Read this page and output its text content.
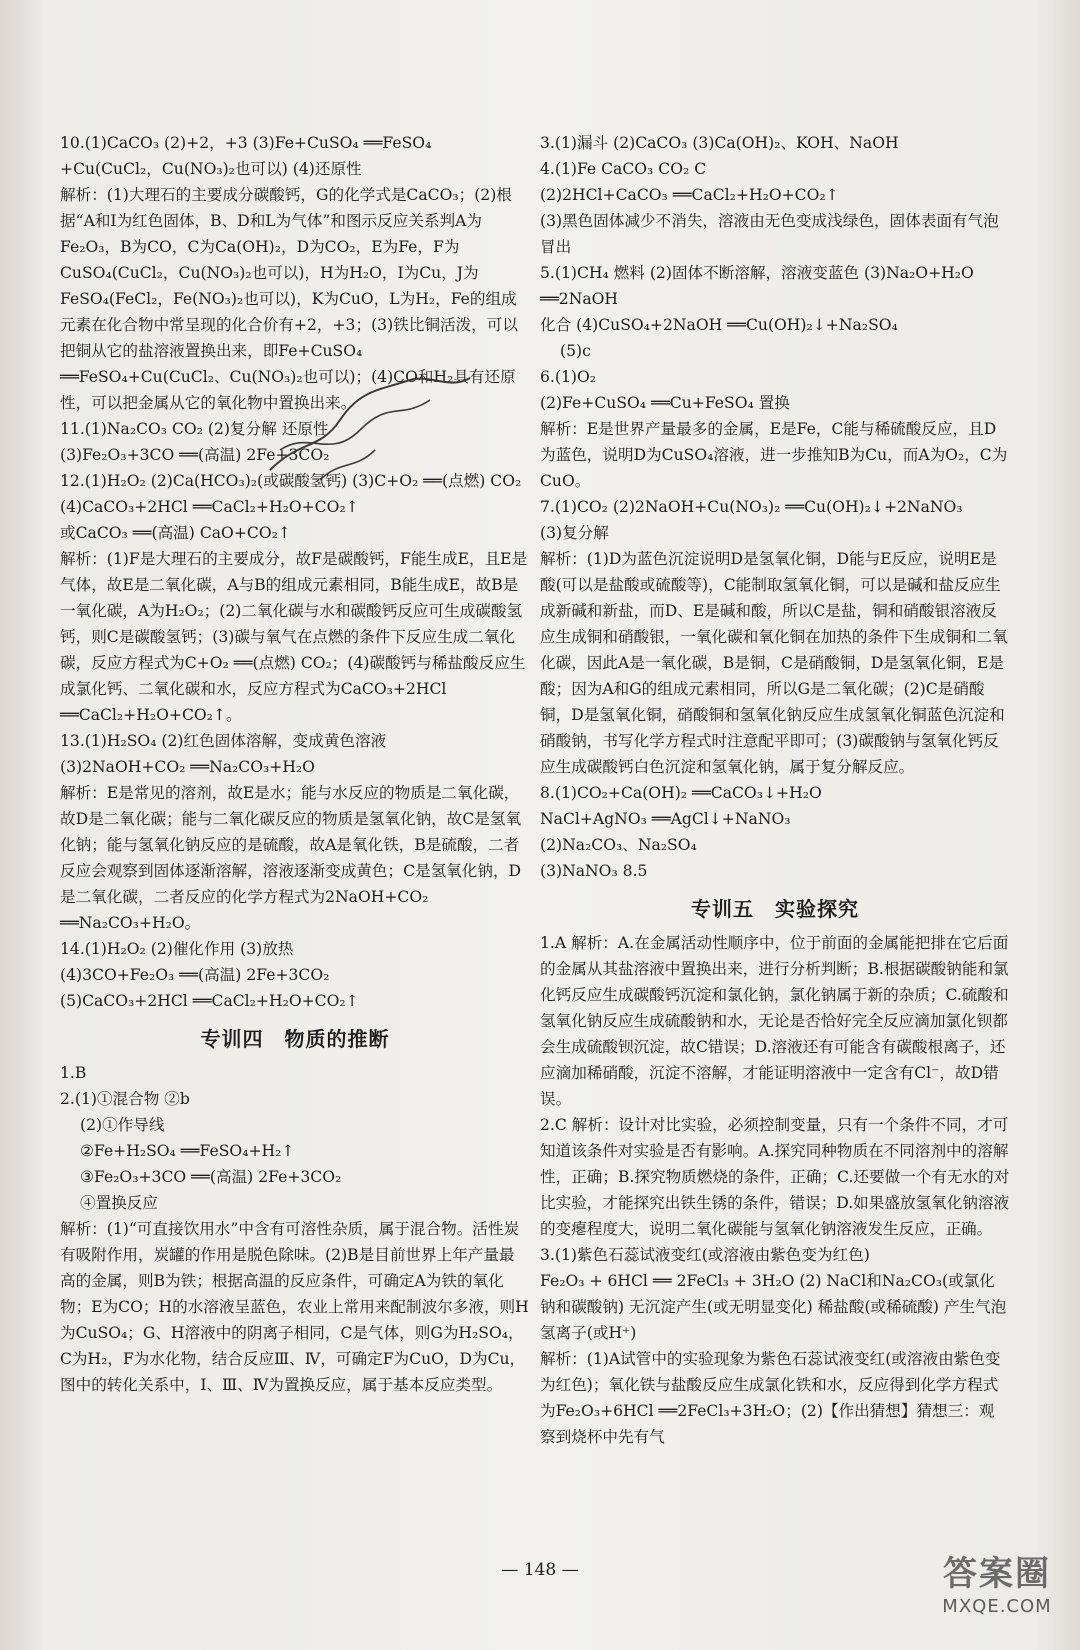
10.(1)CaCO₃ (2)+2，+3 (3)Fe+CuSO₄ ══FeSO₄ +Cu(CuCl₂，Cu(NO₃)₂也可以) (4)还原性

解析：(1)大理石的主要成分碳酸钙，G的化学式是CaCO₃；(2)根据“A和I为红色固体，B、D和L为气体”和图示反应关系判A为Fe₂O₃，B为CO，C为Ca(OH)₂，D为CO₂，E为Fe，F为CuSO₄(CuCl₂，Cu(NO₃)₂也可以)，H为H₂O，I为Cu，J为FeSO₄(FeCl₂，Fe(NO₃)₂也可以)，K为CuO，L为H₂，Fe的组成元素在化合物中常呈现的化合价有+2，+3；(3)铁比铜活泼，可以把铜从它的盐溶液置换出来，即Fe+CuSO₄ ══FeSO₄+Cu(CuCl₂、Cu(NO₃)₂也可以)；(4)CO和H₂具有还原性，可以把金属从它的氧化物中置换出来。

11.(1)Na₂CO₃ CO₂ (2)复分解 还原性

(3)Fe₂O₃+3CO ══(高温) 2Fe+3CO₂

12.(1)H₂O₂ (2)Ca(HCO₃)₂(或碳酸氢钙) (3)C+O₂ ══(点燃) CO₂ (4)CaCO₃+2HCl ══CaCl₂+H₂O+CO₂↑

或CaCO₃ ══(高温) CaO+CO₂↑

解析：(1)F是大理石的主要成分，故F是碳酸钙，F能生成E，且E是气体，故E是二氧化碳，A与B的组成元素相同，B能生成E，故B是一氧化碳，A为H₂O₂；(2)二氧化碳与水和碳酸钙反应可生成碳酸氢钙，则C是碳酸氢钙；(3)碳与氧气在点燃的条件下反应生成二氧化碳，反应方程式为C+O₂ ══(点燃) CO₂；(4)碳酸钙与稀盐酸反应生成氯化钙、二氧化碳和水，反应方程式为CaCO₃+2HCl ══CaCl₂+H₂O+CO₂↑。

13.(1)H₂SO₄ (2)红色固体溶解，变成黄色溶液

(3)2NaOH+CO₂ ══Na₂CO₃+H₂O

解析：E是常见的溶剂，故E是水；能与水反应的物质是二氧化碳，故D是二氧化碳；能与二氧化碳反应的物质是氢氧化钠，故C是氢氧化钠；能与氢氧化钠反应的是硫酸，故A是氧化铁，B是硫酸，二者反应会观察到固体逐渐溶解，溶液逐渐变成黄色；C是氢氧化钠，D是二氧化碳，二者反应的化学方程式为2NaOH+CO₂ ══Na₂CO₃+H₂O。

14.(1)H₂O₂ (2)催化作用 (3)放热

(4)3CO+Fe₂O₃ ══(高温) 2Fe+3CO₂

(5)CaCO₃+2HCl ══CaCl₂+H₂O+CO₂↑

专训四　物质的推断

1.B

2.(1)①混合物 ②b

(2)①作导线

②Fe+H₂SO₄ ══FeSO₄+H₂↑

③Fe₂O₃+3CO ══(高温) 2Fe+3CO₂

④置换反应

解析：(1)“可直接饮用水”中含有可溶性杂质，属于混合物。活性炭有吸附作用，炭罐的作用是脱色除味。(2)B是目前世界上年产量最高的金属，则B为铁；根据高温的反应条件，可确定A为铁的氧化物；E为CO；H的水溶液呈蓝色，农业上常用来配制波尔多液，则H为CuSO₄；G、H溶液中的阴离子相同，C是气体，则G为H₂SO₄，C为H₂，F为水化物，结合反应Ⅲ、Ⅳ，可确定F为CuO，D为Cu，图中的转化关系中，Ⅰ、Ⅲ、Ⅳ为置换反应，属于基本反应类型。

3.(1)漏斗 (2)CaCO₃ (3)Ca(OH)₂、KOH、NaOH

4.(1)Fe CaCO₃ CO₂ C

(2)2HCl+CaCO₃ ══CaCl₂+H₂O+CO₂↑

(3)黑色固体减少不消失，溶液由无色变成浅绿色，固体表面有气泡冒出

5.(1)CH₄ 燃料 (2)固体不断溶解，溶液变蓝色 (3)Na₂O+H₂O ══2NaOH

化合 (4)CuSO₄+2NaOH ══Cu(OH)₂↓+Na₂SO₄

(5)c

6.(1)O₂

(2)Fe+CuSO₄ ══Cu+FeSO₄ 置换

解析：E是世界产量最多的金属，E是Fe，C能与稀硫酸反应，且D为蓝色，说明D为CuSO₄溶液，进一步推知B为Cu，而A为O₂，C为CuO。

7.(1)CO₂ (2)2NaOH+Cu(NO₃)₂ ══Cu(OH)₂↓+2NaNO₃

(3)复分解

解析：(1)D为蓝色沉淀说明D是氢氧化铜，D能与E反应，说明E是酸(可以是盐酸或硫酸等)，C能制取氢氧化铜，可以是碱和盐反应生成新碱和新盐，而D、E是碱和酸，所以C是盐，铜和硝酸银溶液反应生成铜和硝酸银，一氧化碳和氧化铜在加热的条件下生成铜和二氧化碳，因此A是一氧化碳，B是铜，C是硝酸铜，D是氢氧化铜，E是酸；因为A和G的组成元素相同，所以G是二氧化碳；(2)C是硝酸铜，D是氢氧化铜，硝酸铜和氢氧化钠反应生成氢氧化铜蓝色沉淀和硝酸钠，书写化学方程式时注意配平即可；(3)碳酸钠与氢氧化钙反应生成碳酸钙白色沉淀和氢氧化钠，属于复分解反应。

8.(1)CO₂+Ca(OH)₂ ══CaCO₃↓+H₂O

NaCl+AgNO₃ ══AgCl↓+NaNO₃

(2)Na₂CO₃、Na₂SO₄

(3)NaNO₃ 8.5

专训五　实验探究

1.A 解析：A.在金属活动性顺序中，位于前面的金属能把排在它后面的金属从其盐溶液中置换出来，进行分析判断；B.根据碳酸钠能和氯化钙反应生成碳酸钙沉淀和氯化钠，氯化钠属于新的杂质；C.硫酸和氢氧化钠反应生成硫酸钠和水，无论是否恰好完全反应滴加氯化钡都会生成硫酸钡沉淀，故C错误；D.溶液还有可能含有碳酸根离子，还应滴加稀硝酸，沉淀不溶解，才能证明溶液中一定含有Cl⁻，故D错误。

2.C 解析：设计对比实验，必须控制变量，只有一个条件不同，才可知道该条件对实验是否有影响。A.探究同种物质在不同溶剂中的溶解性，正确；B.探究物质燃烧的条件，正确；C.还要做一个有无水的对比实验，才能探究出铁生锈的条件，错误；D.如果盛放氢氧化钠溶液的变瘪程度大，说明二氧化碳能与氢氧化钠溶液发生反应，正确。

3.(1)紫色石蕊试液变红(或溶液由紫色变为红色)

Fe₂O₃ + 6HCl ══ 2FeCl₃ + 3H₂O (2) NaCl和Na₂CO₃(或氯化钠和碳酸钠) 无沉淀产生(或无明显变化) 稀盐酸(或稀硫酸) 产生气泡 氢离子(或H⁺)

解析：(1)A试管中的实验现象为紫色石蕊试液变红(或溶液由紫色变为红色)；氧化铁与盐酸反应生成氯化铁和水，反应得到化学方程式为Fe₂O₃+6HCl ══2FeCl₃+3H₂O；(2)【作出猜想】猜想三：观察到烧杯中先有气

— 148 —	答案圈
MXQE.COM
